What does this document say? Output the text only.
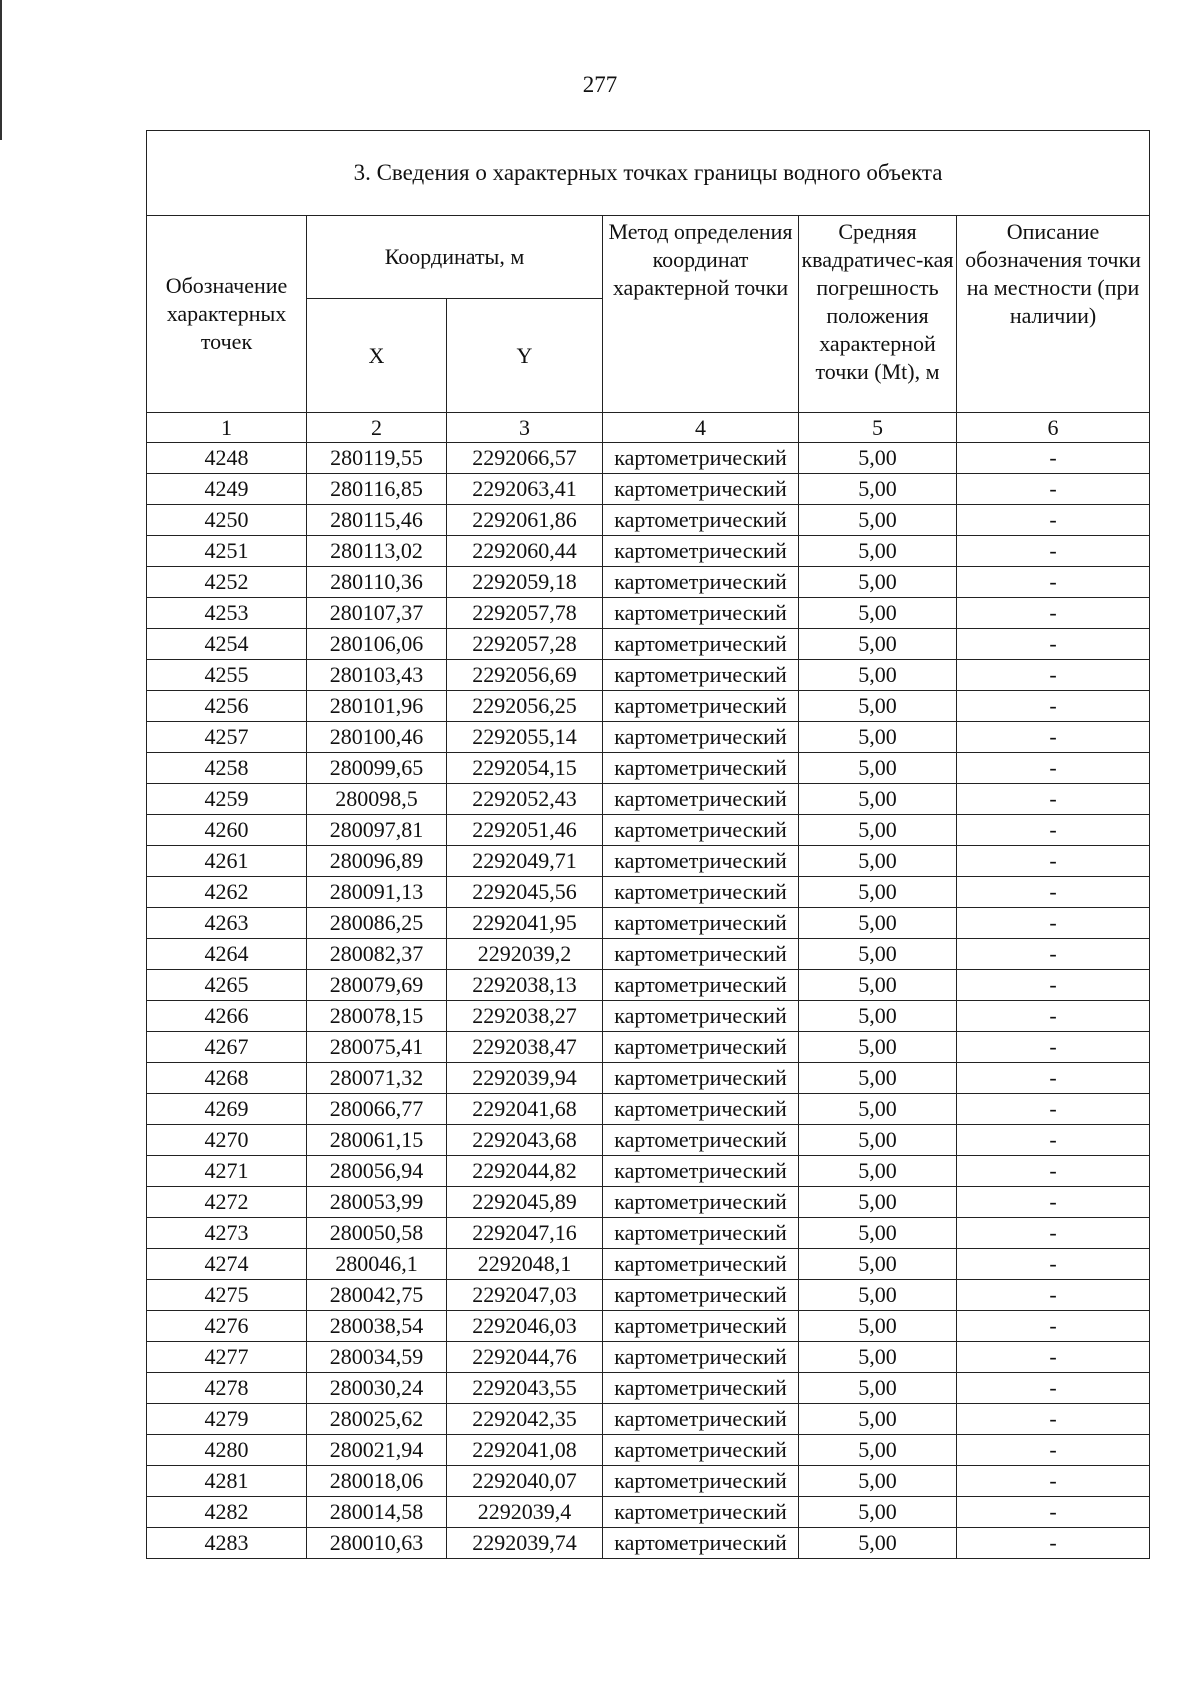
277
3. Сведения о характерных точках границы водного объекта					
Обозначение характерных точек	Координаты, м		Метод определения координат характерной точки	Средняя квадратичес-кая погрешность положения характерной точки (Mt), м	Описание обозначения точки на местности (при наличии)
	X	Y			
1	2	3	4	5	6
4248	280119,55	2292066,57	картометрический	5,00	-
4249	280116,85	2292063,41	картометрический	5,00	-
4250	280115,46	2292061,86	картометрический	5,00	-
4251	280113,02	2292060,44	картометрический	5,00	-
4252	280110,36	2292059,18	картометрический	5,00	-
4253	280107,37	2292057,78	картометрический	5,00	-
4254	280106,06	2292057,28	картометрический	5,00	-
4255	280103,43	2292056,69	картометрический	5,00	-
4256	280101,96	2292056,25	картометрический	5,00	-
4257	280100,46	2292055,14	картометрический	5,00	-
4258	280099,65	2292054,15	картометрический	5,00	-
4259	280098,5	2292052,43	картометрический	5,00	-
4260	280097,81	2292051,46	картометрический	5,00	-
4261	280096,89	2292049,71	картометрический	5,00	-
4262	280091,13	2292045,56	картометрический	5,00	-
4263	280086,25	2292041,95	картометрический	5,00	-
4264	280082,37	2292039,2	картометрический	5,00	-
4265	280079,69	2292038,13	картометрический	5,00	-
4266	280078,15	2292038,27	картометрический	5,00	-
4267	280075,41	2292038,47	картометрический	5,00	-
4268	280071,32	2292039,94	картометрический	5,00	-
4269	280066,77	2292041,68	картометрический	5,00	-
4270	280061,15	2292043,68	картометрический	5,00	-
4271	280056,94	2292044,82	картометрический	5,00	-
4272	280053,99	2292045,89	картометрический	5,00	-
4273	280050,58	2292047,16	картометрический	5,00	-
4274	280046,1	2292048,1	картометрический	5,00	-
4275	280042,75	2292047,03	картометрический	5,00	-
4276	280038,54	2292046,03	картометрический	5,00	-
4277	280034,59	2292044,76	картометрический	5,00	-
4278	280030,24	2292043,55	картометрический	5,00	-
4279	280025,62	2292042,35	картометрический	5,00	-
4280	280021,94	2292041,08	картометрический	5,00	-
4281	280018,06	2292040,07	картометрический	5,00	-
4282	280014,58	2292039,4	картометрический	5,00	-
4283	280010,63	2292039,74	картометрический	5,00	-
